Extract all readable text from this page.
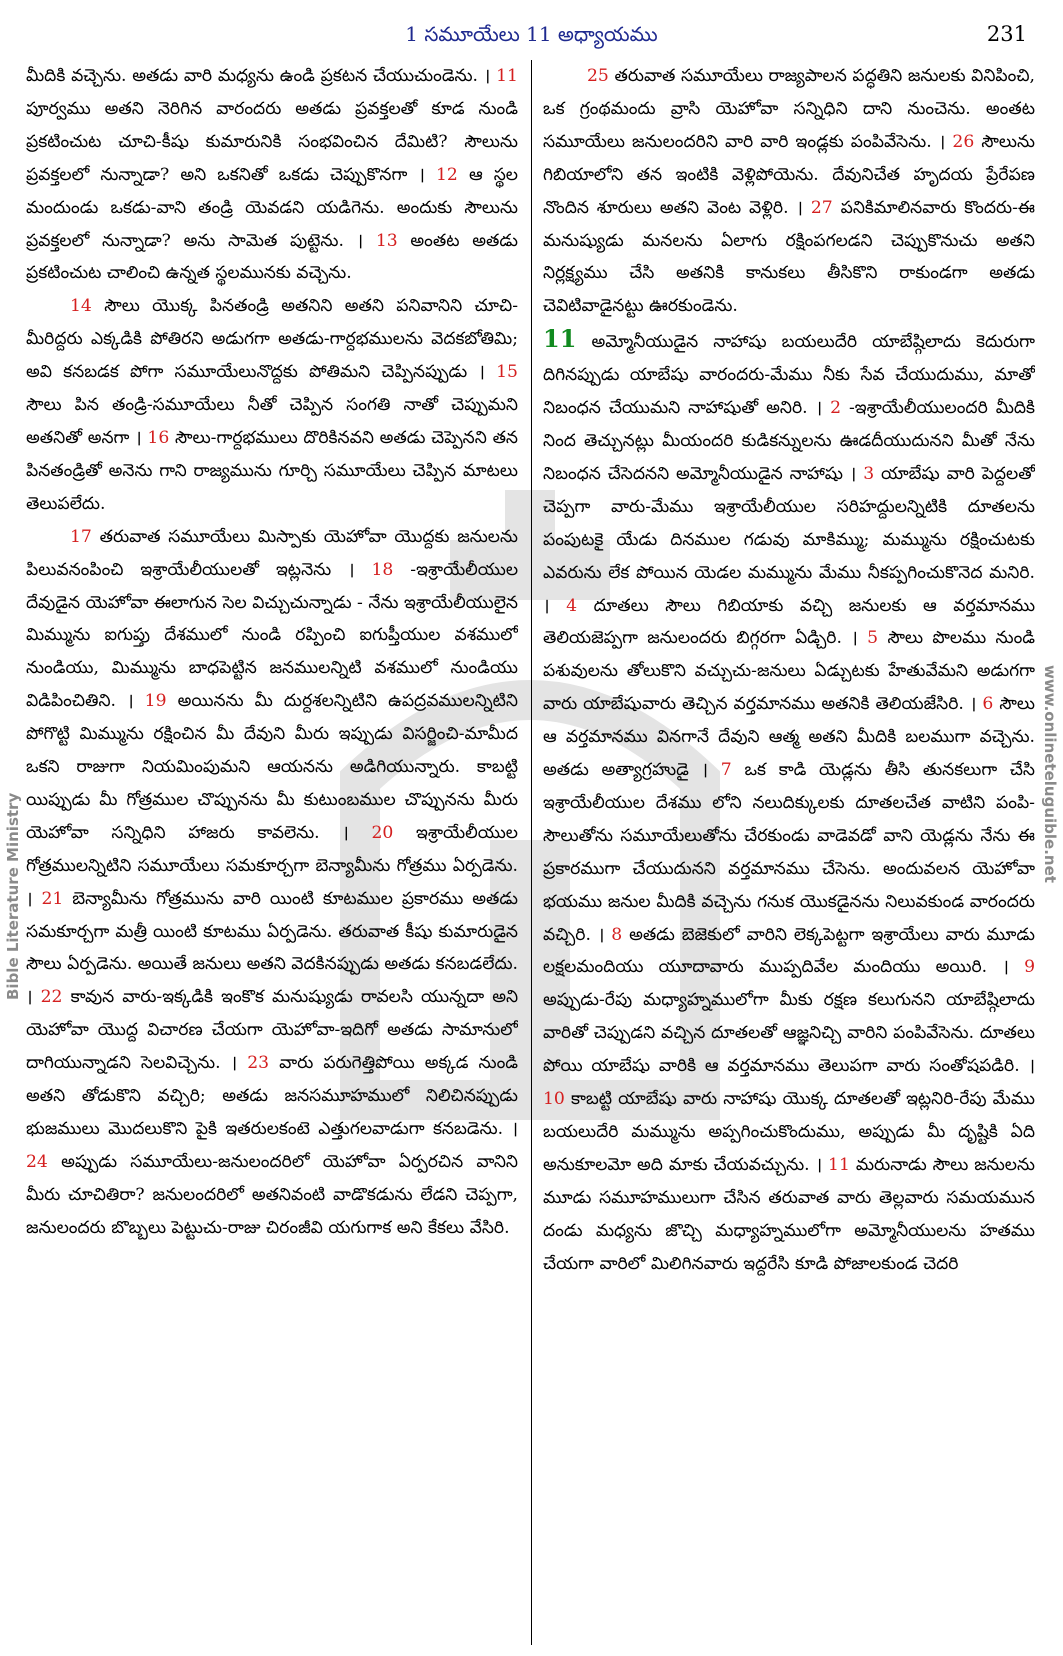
1 సమూయేలు 11 అధ్యాయము	231
Bible Literature Ministry
www.onlineteluguible.net

మీదికి వచ్చెను. అతడు వారి మధ్యను ఉండి ప్రకటన చేయుచుండెను. । 11 పూర్వము అతని నెరిగిన వారందరు అతడు ప్రవక్తలతో కూడ నుండి ప్రకటించుట చూచి-కీషు కుమారునికి సంభవించిన దేమిటి? సౌలును ప్రవక్తలలో నున్నాడా? అని ఒకనితో ఒకడు చెప్పుకొనగా । 12 ఆ స్థల మందుండు ఒకడు-వాని తండ్రి యెవడని యడిగెను. అందుకు సౌలును ప్రవక్తలలో నున్నాడా? అను సామెత పుట్టెను. । 13 అంతట అతడు ప్రకటించుట చాలించి ఉన్నత స్థలమునకు వచ్చెను.

14 సౌలు యొక్క పినతండ్రి అతనిని అతని పనివానిని చూచి-మీరిద్దరు ఎక్కడికి పోతిరని అడుగగా అతడు-గార్దభములను వెదకబోతిమి; అవి కనబడక పోగా సమూయేలునొద్దకు పోతిమని చెప్పినప్పుడు । 15 సౌలు పిన తండ్రి-సమూయేలు నీతో చెప్పిన సంగతి నాతో చెప్పుమని అతనితో అనగా । 16 సౌలు-గార్దభములు దొరికినవని అతడు చెప్పెనని తన పినతండ్రితో అనెను గాని రాజ్యమును గూర్చి సమూయేలు చెప్పిన మాటలు తెలుపలేదు.

17 తరువాత సమూయేలు మిస్పాకు యెహోవా యొద్దకు జనులను పిలువనంపించి ఇశ్రాయేలీయులతో ఇట్లనెను । 18 -ఇశ్రాయేలీయుల దేవుడైన యెహోవా ఈలాగున సెల విచ్చుచున్నాడు - నేను ఇశ్రాయేలీయులైన మిమ్మును ఐగుప్తు దేశములో నుండి రప్పించి ఐగుప్తీయుల వశములో నుండియు, మిమ్మును బాధపెట్టిన జనములన్నిటి వశములో నుండియు విడిపించితిని. । 19 అయినను మీ దుర్దశలన్నిటిని ఉపద్రవములన్నిటిని పోగొట్టి మిమ్మును రక్షించిన మీ దేవుని మీరు ఇప్పుడు విసర్జించి-మామీద ఒకని రాజుగా నియమింపుమని ఆయనను అడిగియున్నారు. కాబట్టి యిప్పుడు మీ గోత్రముల చొప్పునను మీ కుటుంబముల చొప్పునను మీరు యెహోవా సన్నిధిని హాజరు కావలెను. । 20 ఇశ్రాయేలీయుల గోత్రములన్నిటిని సమూయేలు సమకూర్చగా బెన్యామీను గోత్రము ఏర్పడెను. । 21 బెన్యామీను గోత్రమును వారి యింటి కూటముల ప్రకారము అతడు సమకూర్చగా మత్రీ యింటి కూటము ఏర్పడెను. తరువాత కీషు కుమారుడైన సౌలు ఏర్పడెను. అయితే జనులు అతని వెదకినప్పుడు అతడు కనబడలేదు. । 22 కావున వారు-ఇక్కడికి ఇంకొక మనుష్యుడు రావలసి యున్నదా అని యెహోవా యొద్ద విచారణ చేయగా యెహోవా-ఇదిగో అతడు సామానులో దాగియున్నాడని సెలవిచ్చెను. । 23 వారు పరుగెత్తిపోయి అక్కడ నుండి అతని తోడుకొని వచ్చిరి; అతడు జనసమూహములో నిలిచినప్పుడు భుజములు మొదలుకొని పైకి ఇతరులకంటె ఎత్తుగలవాడుగా కనబడెను. । 24 అప్పుడు సమూయేలు-జనులందరిలో యెహోవా ఏర్పరచిన వానిని మీరు చూచితిరా? జనులందరిలో అతనివంటి వాడొకడును లేడని చెప్పగా, జనులందరు బొబ్బలు పెట్టుచు-రాజు చిరంజీవి యగుగాక అని కేకలు వేసిరి.

25 తరువాత సమూయేలు రాజ్యపాలన పద్ధతిని జనులకు వినిపించి, ఒక గ్రంథమందు వ్రాసి యెహోవా సన్నిధిని దాని నుంచెను. అంతట సమూయేలు జనులందరిని వారి వారి ఇండ్లకు పంపివేసెను. । 26 సౌలును గిబియాలోని తన ఇంటికి వెళ్లిపోయెను. దేవునిచేత హృదయ ప్రేరేపణ నొందిన శూరులు అతని వెంట వెళ్లిరి. । 27 పనికిమాలినవారు కొందరు-ఈ మనుష్యుడు మనలను ఏలాగు రక్షింపగలడని చెప్పుకొనుచు అతని నిర్లక్ష్యము చేసి అతనికి కానుకలు తీసికొని రాకుండగా అతడు చెవిటివాడైనట్టు ఊరకుండెను.

11 అమ్మోనీయుడైన నాహాషు బయలుదేరి యాబేష్గిలాదు కెదురుగా దిగినప్పుడు యాబేషు వారందరు-మేము నీకు సేవ చేయుదుము, మాతో నిబంధన చేయుమని నాహాషుతో అనిరి. । 2 -ఇశ్రాయేలీయులందరి మీదికి నింద తెచ్చునట్లు మీయందరి కుడికన్నులను ఊడదీయుదునని మీతో నేను నిబంధన చేసెదనని అమ్మోనీయుడైన నాహాషు । 3 యాబేషు వారి పెద్దలతో చెప్పగా వారు-మేము ఇశ్రాయేలీయుల సరిహద్దులన్నిటికి దూతలను పంపుటకై యేడు దినముల గడువు మాకిమ్ము; మమ్మును రక్షించుటకు ఎవరును లేక పోయిన యెడల మమ్మును మేము నీకప్పగించుకొనెద మనిరి. । 4 దూతలు సౌలు గిబియాకు వచ్చి జనులకు ఆ వర్తమానము తెలియజెప్పగా జనులందరు బిగ్గరగా ఏడ్చిరి. । 5 సౌలు పొలము నుండి పశువులను తోలుకొని వచ్చుచు-జనులు ఏడ్చుటకు హేతువేమని అడుగగా వారు యాబేషువారు తెచ్చిన వర్తమానము అతనికి తెలియజేసిరి. । 6 సౌలు ఆ వర్తమానము వినగానే దేవుని ఆత్మ అతని మీదికి బలముగా వచ్చెను. అతడు అత్యాగ్రహుడై । 7 ఒక కాడి యెడ్లను తీసి తునకలుగా చేసి ఇశ్రాయేలీయుల దేశము లోని నలుదిక్కులకు దూతలచేత వాటిని పంపి-సౌలుతోను సమూయేలుతోను చేరకుండు వాడెవడో వాని యెడ్లను నేను ఈ ప్రకారముగా చేయుదునని వర్తమానము చేసెను. అందువలన యెహోవా భయము జనుల మీదికి వచ్చెను గనుక యొకడైనను నిలువకుండ వారందరు వచ్చిరి. । 8 అతడు బెజెకులో వారిని లెక్కపెట్టగా ఇశ్రాయేలు వారు మూడు లక్షలమందియు యూదావారు ముప్పదివేల మందియు అయిరి. । 9 అప్పుడు-రేపు మధ్యాహ్నములోగా మీకు రక్షణ కలుగునని యాబేష్గిలాదు వారితో చెప్పుడని వచ్చిన దూతలతో ఆజ్ఞనిచ్చి వారిని పంపివేసెను. దూతలు పోయి యాబేషు వారికి ఆ వర్తమానము తెలుపగా వారు సంతోషపడిరి. । 10 కాబట్టి యాబేషు వారు నాహాషు యొక్క దూతలతో ఇట్లనిరి-రేపు మేము బయలుదేరి మమ్మును అప్పగించుకొందుము, అప్పుడు మీ దృష్టికి ఏది అనుకూలమో అది మాకు చేయవచ్చును. । 11 మరునాడు సౌలు జనులను మూడు సమూహములుగా చేసిన తరువాత వారు తెల్లవారు సమయమున దండు మధ్యను జొచ్చి మధ్యాహ్నములోగా అమ్మోనీయులను హతము చేయగా వారిలో మిలిగినవారు ఇద్దరేసి కూడి పోజాలకుండ చెదరి
